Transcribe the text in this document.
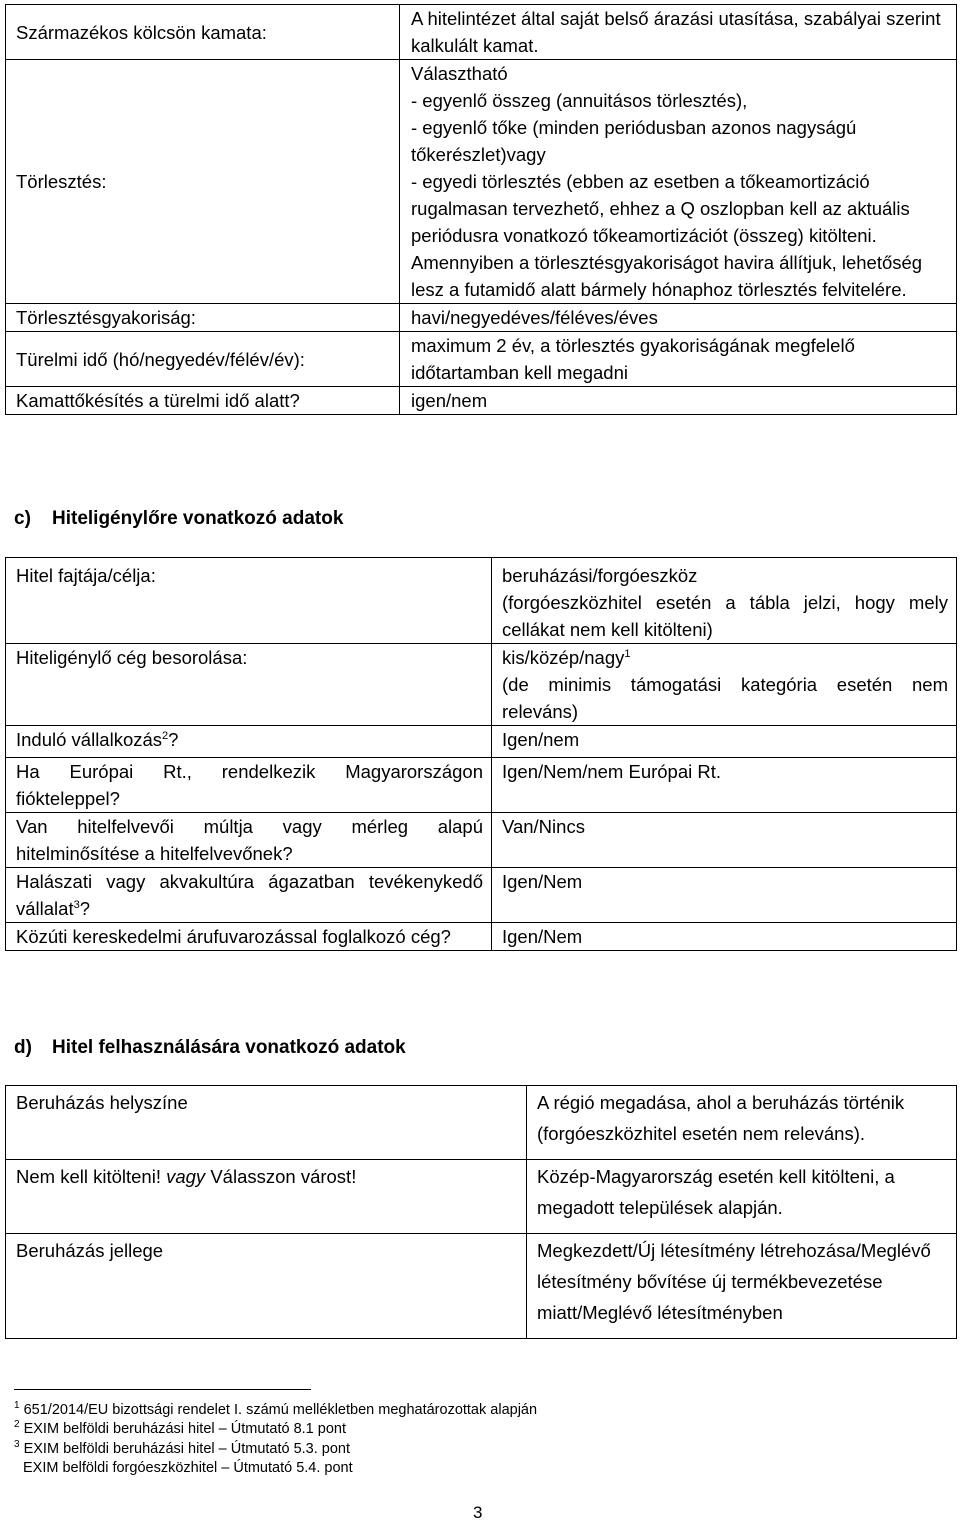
Származékos kölcsön kamata:	A hitelintézet által saját belső árazási utasítása, szabályai szerint kalkulált kamat.
Törlesztés:	Választható
- egyenlő összeg (annuitásos törlesztés),
- egyenlő tőke (minden periódusban azonos nagyságú tőkerészlet)vagy
- egyedi törlesztés (ebben az esetben a tőkeamortizáció rugalmasan tervezhető, ehhez a Q oszlopban kell az aktuális periódusra vonatkozó tőkeamortizációt (összeg) kitölteni. Amennyiben a törlesztésgyakoriságot havira állítjuk, lehetőség lesz a futamidő alatt bármely hónaphoz törlesztés felvitelére.

Törlesztésgyakoriság:	havi/negyedéves/féléves/éves
Türelmi idő (hó/negyedév/félév/év):	maximum 2 év, a törlesztés gyakoriságának megfelelő időtartamban kell megadni
Kamattőkésítés a türelmi idő alatt?	igen/nem
c) Hiteligénylőre vonatkozó adatok
Hitel fajtája/célja:	beruházási/forgóeszköz
(forgóeszközhitel esetén a tábla jelzi, hogy mely cellákat nem kell kitölteni)

Hiteligénylő cég besorolása:	kis/közép/nagy$^1$
(de minimis támogatási kategória esetén nem releváns)

Induló vállalkozás$^2$?	Igen/nem
Ha Európai Rt., rendelkezik Magyarországon fiókteleppel?	Igen/Nem/nem Európai Rt.
Van hitelfelvevői múltja vagy mérleg alapú hitelminősítése a hitelfelvevőnek?	Van/Nincs
Halászati vagy akvakultúra ágazatban tevékenykedő vállalat$^3$?	Igen/Nem
Közúti kereskedelmi árufuvarozással foglalkozó cég?	Igen/Nem
d) Hitel felhasználására vonatkozó adatok
Beruházás helyszíne	A régió megadása, ahol a beruházás történik (forgóeszközhitel esetén nem releváns).
Nem kell kitölteni! vagy Válasszon várost!	Közép-Magyarország esetén kell kitölteni, a megadott települések alapján.
Beruházás jellege	Megkezdett/Új létesítmény létrehozása/Meglévő létesítmény bővítése új termékbevezetése miatt/Meglévő létesítményben
$^1$ 651/2014/EU bizottsági rendelet I. számú mellékletben meghatározottak alapján
$^2$ EXIM belföldi beruházási hitel – Útmutató 8.1 pont
$^3$ EXIM belföldi beruházási hitel – Útmutató 5.3. pont
EXIM belföldi forgóeszközhitel – Útmutató 5.4. pont
3
